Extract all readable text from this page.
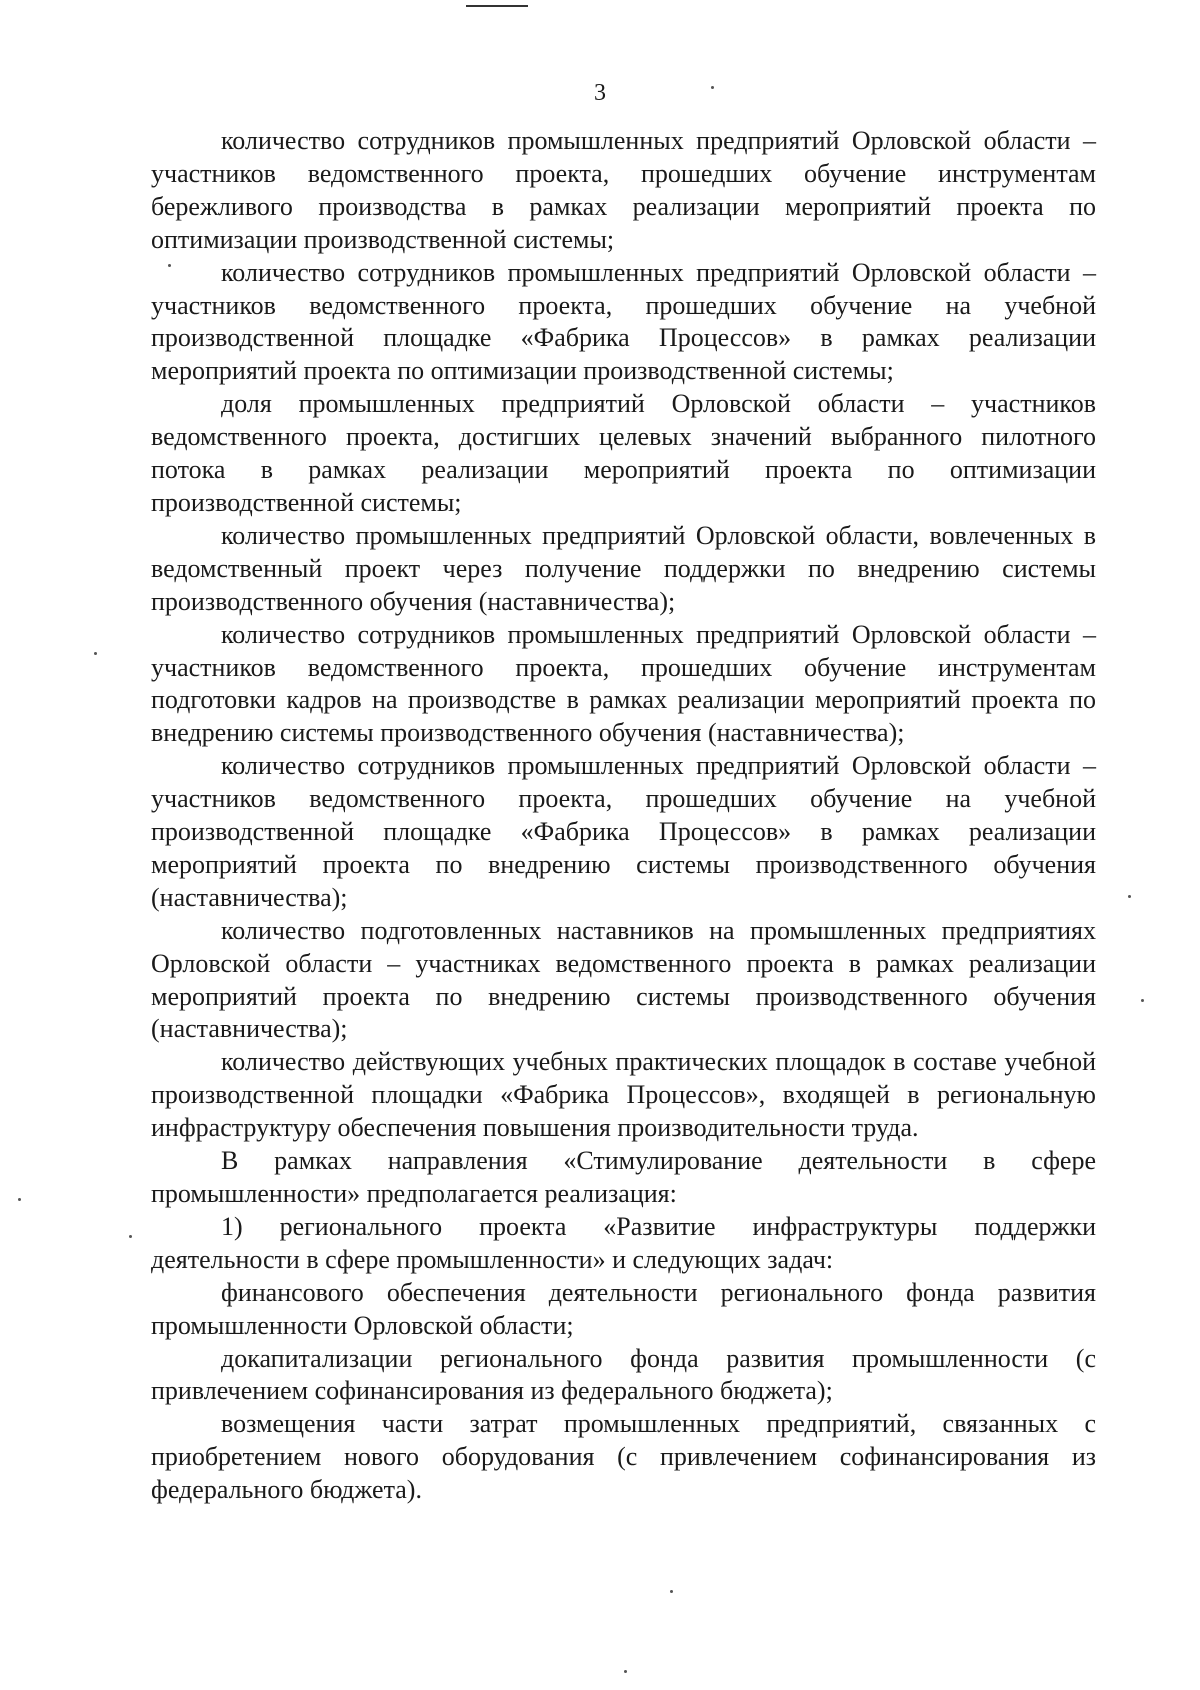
3

количество сотрудников промышленных предприятий Орловской области – участников ведомственного проекта, прошедших обучение инструментам бережливого производства в рамках реализации мероприятий проекта по оптимизации производственной системы;

количество сотрудников промышленных предприятий Орловской области – участников ведомственного проекта, прошедших обучение на учебной производственной площадке «Фабрика Процессов» в рамках реализации мероприятий проекта по оптимизации производственной системы;

доля промышленных предприятий Орловской области – участников ведомственного проекта, достигших целевых значений выбранного пилотного потока в рамках реализации мероприятий проекта по оптимизации производственной системы;

количество промышленных предприятий Орловской области, вовлеченных в ведомственный проект через получение поддержки по внедрению системы производственного обучения (наставничества);

количество сотрудников промышленных предприятий Орловской области – участников ведомственного проекта, прошедших обучение инструментам подготовки кадров на производстве в рамках реализации мероприятий проекта по внедрению системы производственного обучения (наставничества);

количество сотрудников промышленных предприятий Орловской области – участников ведомственного проекта, прошедших обучение на учебной производственной площадке «Фабрика Процессов» в рамках реализации мероприятий проекта по внедрению системы производственного обучения (наставничества);

количество подготовленных наставников на промышленных предприятиях Орловской области – участниках ведомственного проекта в рамках реализации мероприятий проекта по внедрению системы производственного обучения (наставничества);

количество действующих учебных практических площадок в составе учебной производственной площадки «Фабрика Процессов», входящей в региональную инфраструктуру обеспечения повышения производительности труда.

В рамках направления «Стимулирование деятельности в сфере промышленности» предполагается реализация:

1) регионального проекта «Развитие инфраструктуры поддержки деятельности в сфере промышленности» и следующих задач:

финансового обеспечения деятельности регионального фонда развития промышленности Орловской области;

докапитализации регионального фонда развития промышленности (с привлечением софинансирования из федерального бюджета);

возмещения части затрат промышленных предприятий, связанных с приобретением нового оборудования (с привлечением софинансирования из федерального бюджета).
